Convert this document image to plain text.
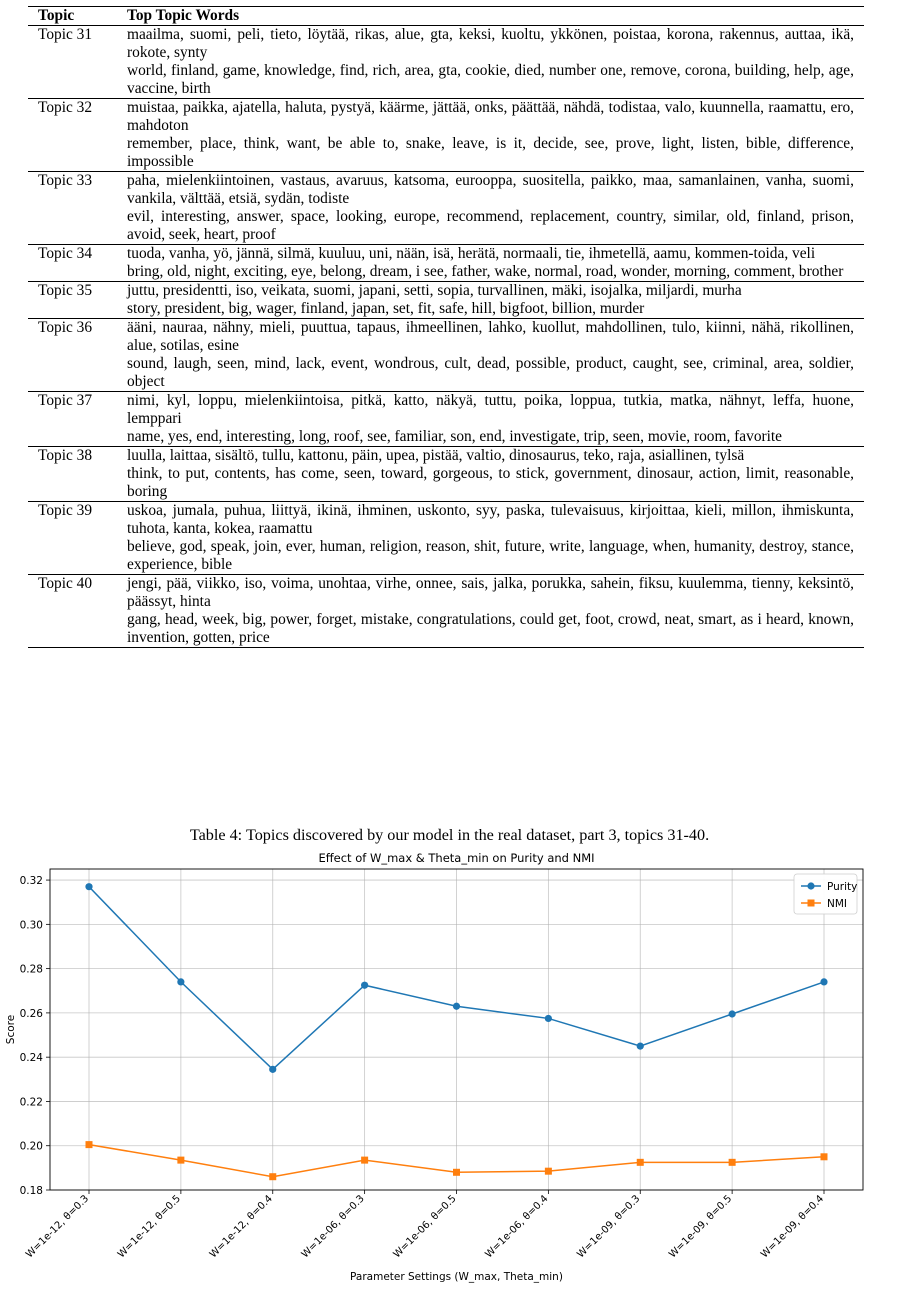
Topic	Top Topic Words
Topic 31	maailma, suomi, peli, tieto, löytää, rikas, alue, gta, keksi, kuoltu, ykkönen, poistaa, korona, rakennus, auttaa, ikä, rokote, synty

world, finland, game, knowledge, find, rich, area, gta, cookie, died, number one, remove, corona, building, help, age, vaccine, birth

Topic 32	muistaa, paikka, ajatella, haluta, pystyä, käärme, jättää, onks, päättää, nähdä, todistaa, valo, kuunnella, raamattu, ero, mahdoton

remember, place, think, want, be able to, snake, leave, is it, decide, see, prove, light, listen, bible, difference, impossible

Topic 33	paha, mielenkiintoinen, vastaus, avaruus, katsoma, eurooppa, suositella, paikko, maa, samanlainen, vanha, suomi, vankila, välttää, etsiä, sydän, todiste

evil, interesting, answer, space, looking, europe, recommend, replacement, country, similar, old, finland, prison, avoid, seek, heart, proof

Topic 34	tuoda, vanha, yö, jännä, silmä, kuuluu, uni, nään, isä, herätä, normaali, tie, ihmetellä, aamu, kommen-toida, veli

bring, old, night, exciting, eye, belong, dream, i see, father, wake, normal, road, wonder, morning, comment, brother

Topic 35	juttu, presidentti, iso, veikata, suomi, japani, setti, sopia, turvallinen, mäki, isojalka, miljardi, murha

story, president, big, wager, finland, japan, set, fit, safe, hill, bigfoot, billion, murder

Topic 36	ääni, nauraa, nähny, mieli, puuttua, tapaus, ihmeellinen, lahko, kuollut, mahdollinen, tulo, kiinni, nähä, rikollinen, alue, sotilas, esine

sound, laugh, seen, mind, lack, event, wondrous, cult, dead, possible, product, caught, see, criminal, area, soldier, object

Topic 37	nimi, kyl, loppu, mielenkiintoisa, pitkä, katto, näkyä, tuttu, poika, loppua, tutkia, matka, nähnyt, leffa, huone, lemppari

name, yes, end, interesting, long, roof, see, familiar, son, end, investigate, trip, seen, movie, room, favorite

Topic 38	luulla, laittaa, sisältö, tullu, kattonu, päin, upea, pistää, valtio, dinosaurus, teko, raja, asiallinen, tylsä

think, to put, contents, has come, seen, toward, gorgeous, to stick, government, dinosaur, action, limit, reasonable, boring

Topic 39	uskoa, jumala, puhua, liittyä, ikinä, ihminen, uskonto, syy, paska, tulevaisuus, kirjoittaa, kieli, millon, ihmiskunta, tuhota, kanta, kokea, raamattu

believe, god, speak, join, ever, human, religion, reason, shit, future, write, language, when, humanity, destroy, stance, experience, bible

Topic 40	jengi, pää, viikko, iso, voima, unohtaa, virhe, onnee, sais, jalka, porukka, sahein, fiksu, kuulemma, tienny, keksintö, päässyt, hinta

gang, head, week, big, power, forget, mistake, congratulations, could get, foot, crowd, neat, smart, as i heard, known, invention, gotten, price

Table 4: Topics discovered by our model in the real dataset, part 3, topics 31-40.
0.18
0.20
0.22
0.24
0.26
0.28
0.30
0.32
W=1e-12, θ=0.3 W=1e-12, θ=0.5 W=1e-12, θ=0.4 W=1e-06, θ=0.3 W=1e-06, θ=0.5 W=1e-06, θ=0.4 W=1e-09, θ=0.3 W=1e-09, θ=0.5 W=1e-09, θ=0.4
Effect of W_max & Theta_min on Purity and NMI
Parameter Settings (W_max, Theta_min)
Score
Purity
NMI
